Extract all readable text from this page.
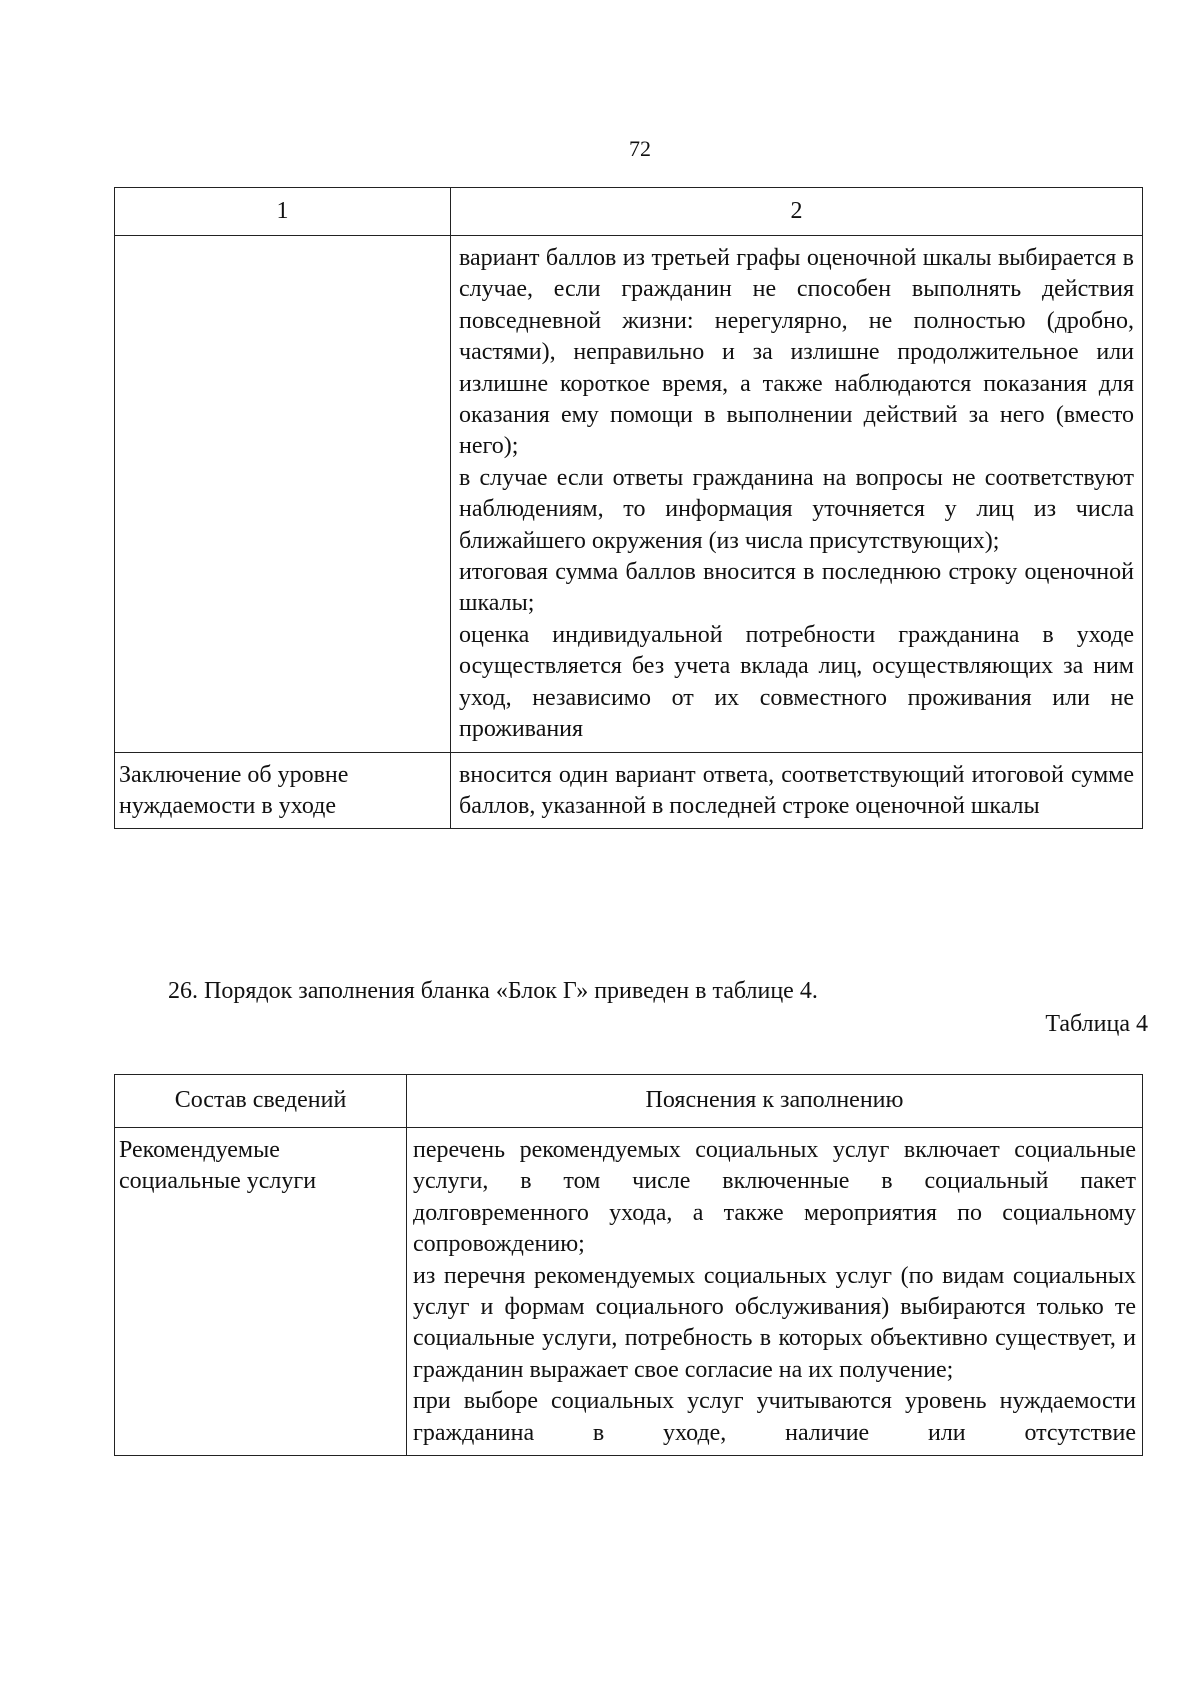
72
1	2

	вариант баллов из третьей графы оценочной шкалы выбирается в случае, если гражданин не способен выполнять действия повседневной жизни: нерегулярно, не полностью (дробно, частями), неправильно и за излишне продолжительное или излишне короткое время, а также наблюдаются показания для оказания ему помощи в выполнении действий за него (вместо него);

в случае если ответы гражданина на вопросы не соответствуют наблюдениям, то информация уточняется у лиц из числа ближайшего окружения (из числа присутствующих);

итоговая сумма баллов вносится в последнюю строку оценочной шкалы;

оценка индивидуальной потребности гражданина в уходе осуществляется без учета вклада лиц, осуществляющих за ним уход, независимо от их совместного проживания или не проживания

Заключение об уровне нуждаемости в уходе	вносится один вариант ответа, соответствующий итоговой сумме баллов, указанной в последней строке оценочной шкалы

26. Порядок заполнения бланка «Блок Г» приведен в таблице 4.
Таблица 4
Состав сведений	Пояснения к заполнению
Рекомендуемые социальные услуги	перечень рекомендуемых социальных услуг включает социальные услуги, в том числе включенные в социальный пакет долговременного ухода, а также мероприятия по социальному сопровождению;

из перечня рекомендуемых социальных услуг (по видам социальных услуг и формам социального обслуживания) выбираются только те социальные услуги, потребность в которых объективно существует, и гражданин выражает свое согласие на их получение;

при выборе социальных услуг учитываются уровень нуждаемости гражданина в уходе, наличие или отсутствие
